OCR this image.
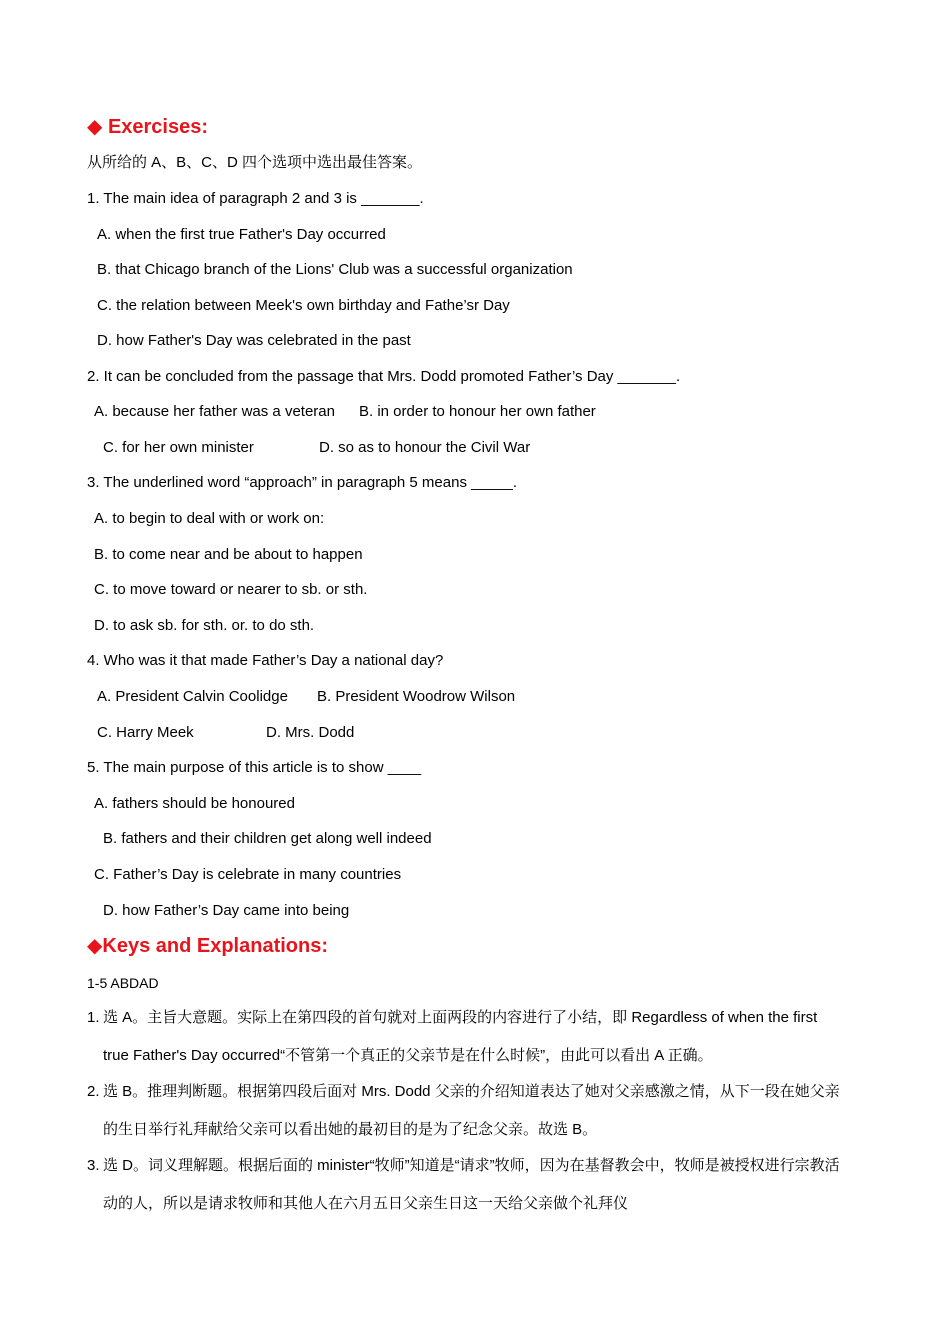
◆ Exercises:
从所给的 A、B、C、D 四个选项中选出最佳答案。
1. The main idea of paragraph 2 and 3 is _______.
A. when the first true Father's Day occurred
B. that Chicago branch of the Lions' Club was a successful organization
C. the relation between Meek's own birthday and Fathe’sr Day
D. how Father's Day was celebrated in the past
2. It can be concluded from the passage that Mrs. Dodd promoted Father’s Day _______.
A. because her father was a veteran B. in order to honour her own father
C. for her own minister	D. so as to honour the Civil War
3. The underlined word “approach” in paragraph 5 means _____.
A. to begin to deal with or work on:
B. to come near and be about to happen
C. to move toward or nearer to sb. or sth.
D. to ask sb. for sth. or. to do sth.
4. Who was it that made Father’s Day a national day?
A. President Calvin Coolidge B. President Woodrow Wilson
C. Harry Meek	D. Mrs. Dodd
5. The main purpose of this article is to show ____
A. fathers should be honoured
B. fathers and their children get along well indeed
C. Father’s Day is celebrate in many countries
D. how Father’s Day came into being
◆Keys and Explanations:
1-5 ABDAD
1. 选 A。主旨大意题。实际上在第四段的首句就对上面两段的内容进行了小结，即 Regardless of when the first true Father's Day occurred“不管第一个真正的父亲节是在什么时候”，由此可以看出 A 正确。
2. 选 B。推理判断题。根据第四段后面对 Mrs. Dodd 父亲的介绍知道表达了她对父亲感激之情，从下一段在她父亲的生日举行礼拜献给父亲可以看出她的最初目的是为了纪念父亲。故选 B。
3. 选 D。词义理解题。根据后面的 minister“牧师”知道是“请求”牧师，因为在基督教会中，牧师是被授权进行宗教活动的人，所以是请求牧师和其他人在六月五日父亲生日这一天给父亲做个礼拜仪
